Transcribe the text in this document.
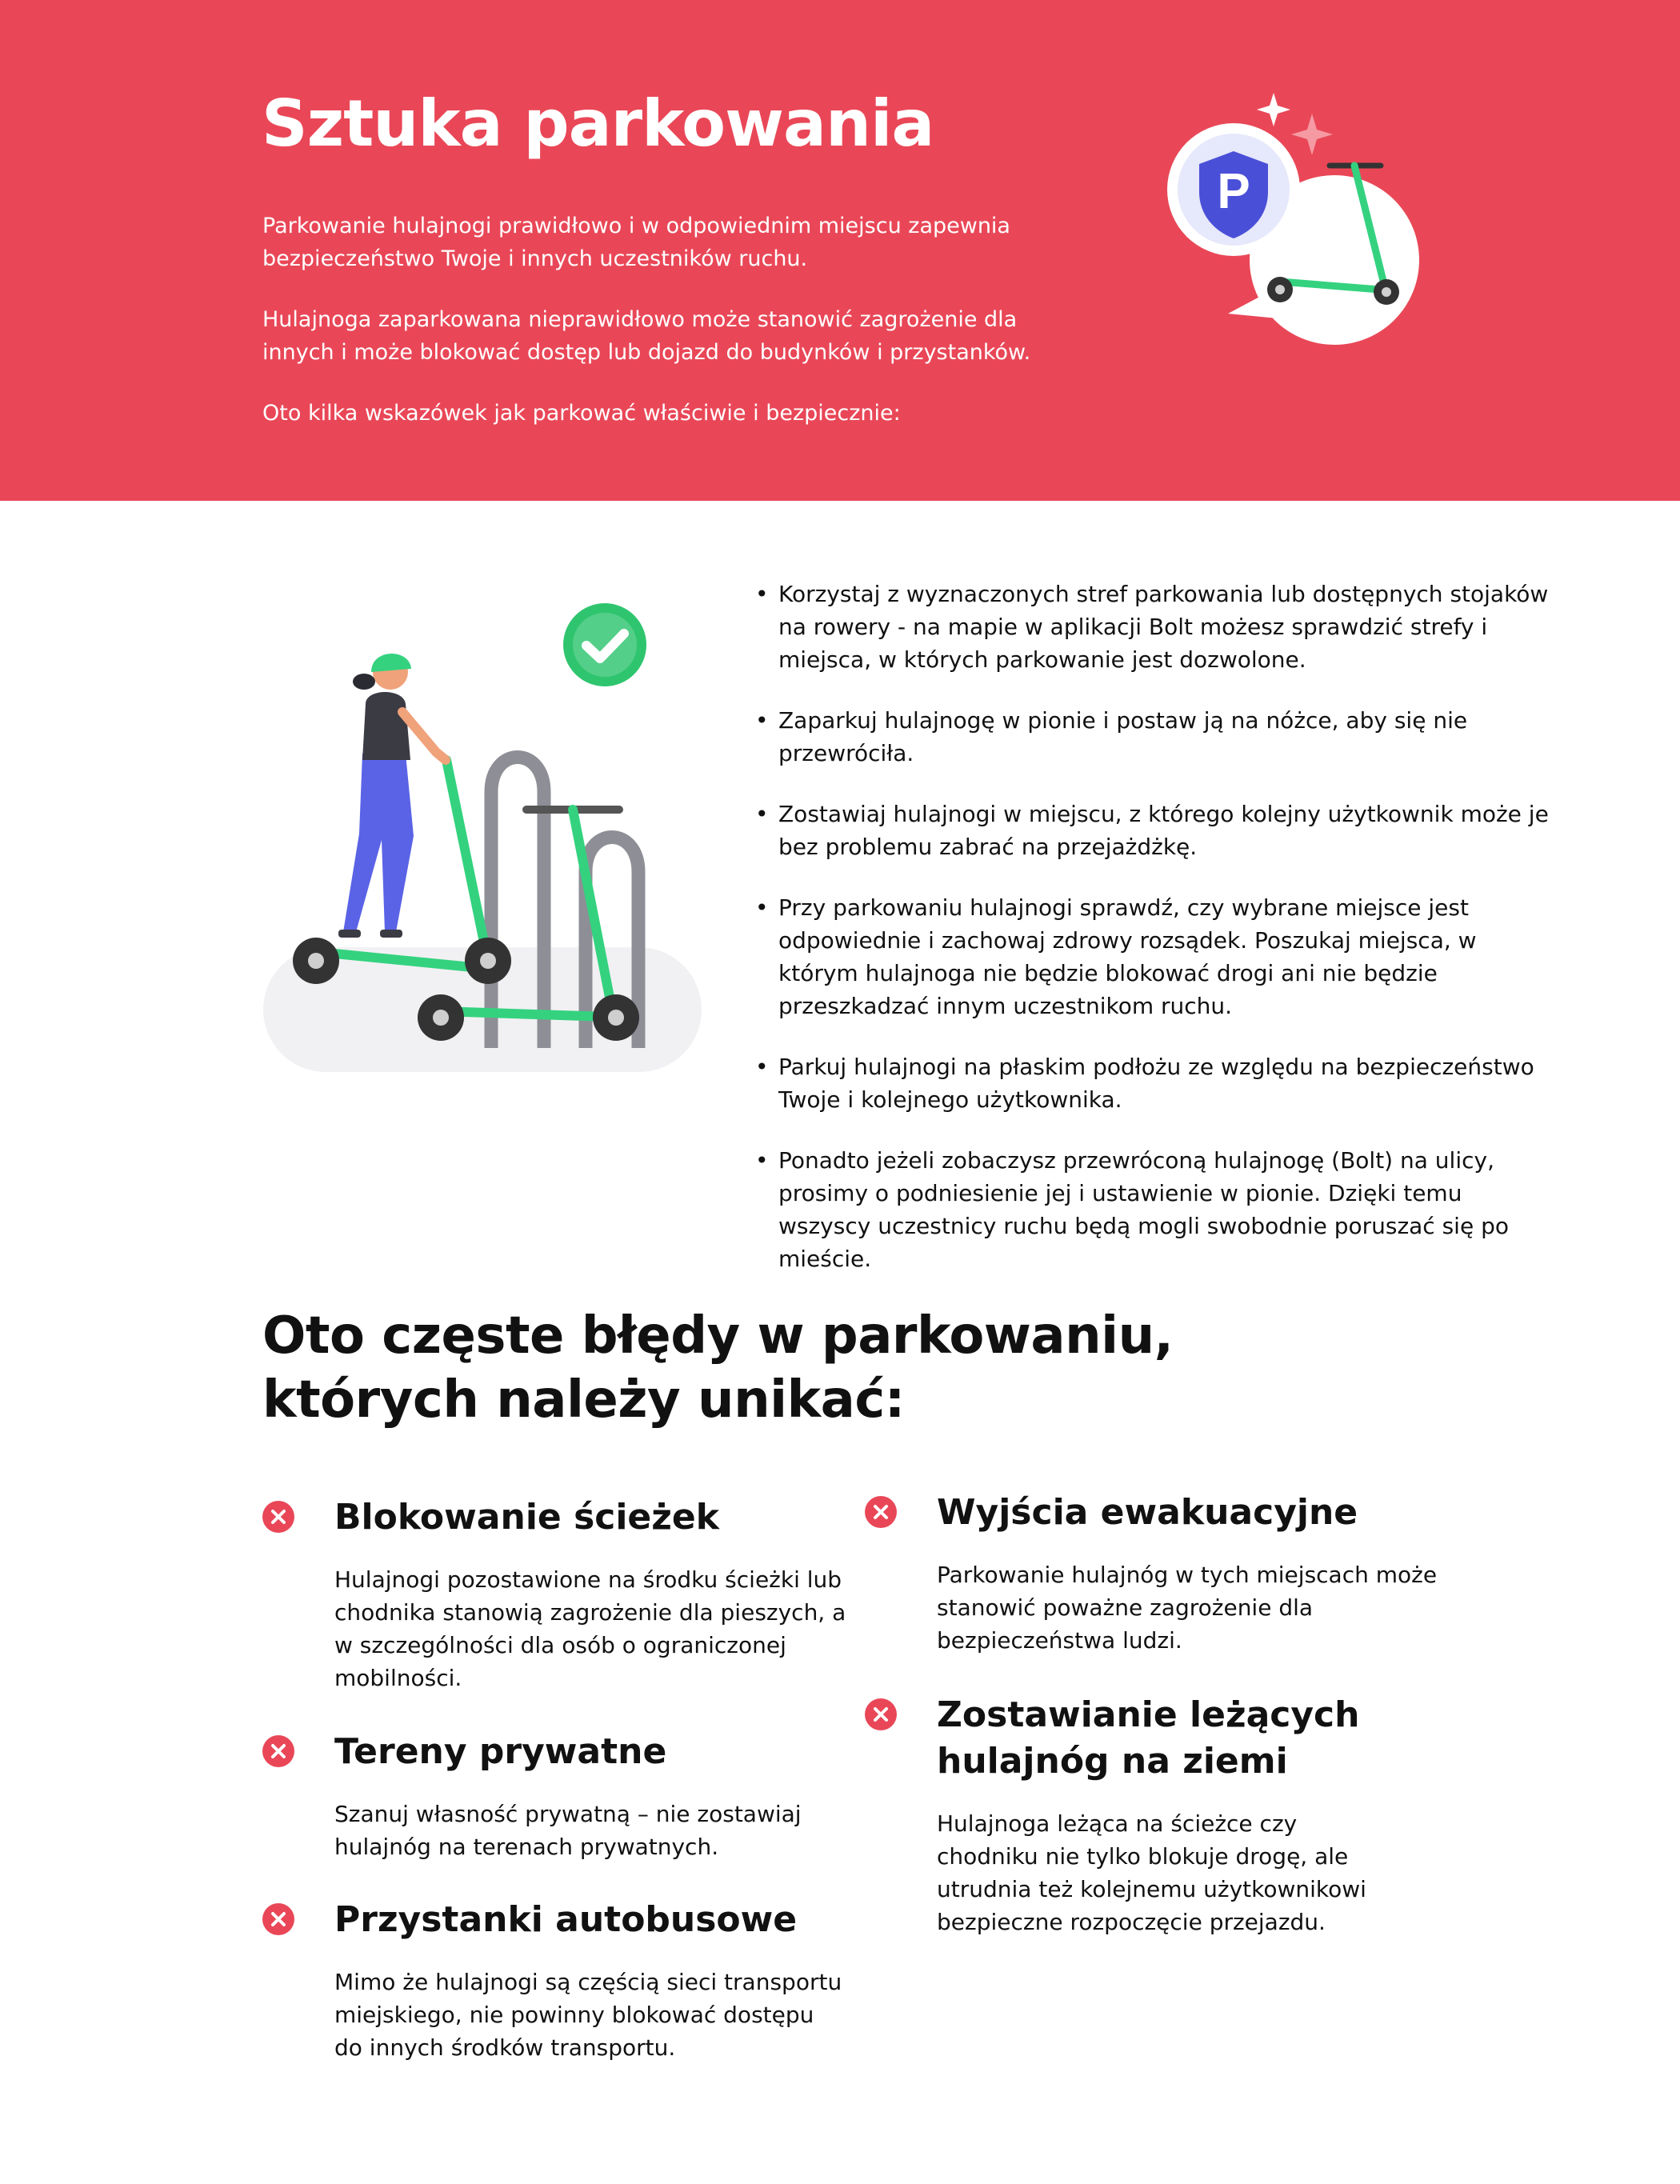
Sztuka parkowania

Parkowanie hulajnogi prawidłowo i w odpowiednim miejscu zapewnia bezpieczeństwo Twoje i innych uczestników ruchu.

Hulajnoga zaparkowana nieprawidłowo może stanowić zagrożenie dla innych i może blokować dostęp lub dojazd do budynków i przystanków.

Oto kilka wskazówek jak parkować właściwie i bezpiecznie:

P
• Korzystaj z wyznaczonych stref parkowania lub dostępnych stojaków na rowery - na mapie w aplikacji Bolt możesz sprawdzić strefy i miejsca, w których parkowanie jest dozwolone.
• Zaparkuj hulajnogę w pionie i postaw ją na nóżce, aby się nie przewróciła.
• Zostawiaj hulajnogi w miejscu, z którego kolejny użytkownik może je bez problemu zabrać na przejażdżkę.
• Przy parkowaniu hulajnogi sprawdź, czy wybrane miejsce jest odpowiednie i zachowaj zdrowy rozsądek. Poszukaj miejsca, w którym hulajnoga nie będzie blokować drogi ani nie będzie przeszkadzać innym uczestnikom ruchu.
• Parkuj hulajnogi na płaskim podłożu ze względu na bezpieczeństwo Twoje i kolejnego użytkownika.
• Ponadto jeżeli zobaczysz przewróconą hulajnogę (Bolt) na ulicy, prosimy o podniesienie jej i ustawienie w pionie. Dzięki temu wszyscy uczestnicy ruchu będą mogli swobodnie poruszać się po mieście.
Oto częste błędy w parkowaniu,
których należy unikać:
Blokowanie ścieżek

Hulajnogi pozostawione na środku ścieżki lub chodnika stanowią zagrożenie dla pieszych, a w szczególności dla osób o ograniczonej mobilności.

Tereny prywatne

Szanuj własność prywatną – nie zostawiaj hulajnóg na terenach prywatnych.

Przystanki autobusowe

Mimo że hulajnogi są częścią sieci transportu miejskiego, nie powinny blokować dostępu do innych środków transportu.

Wyjścia ewakuacyjne

Parkowanie hulajnóg w tych miejscach może stanowić poważne zagrożenie dla bezpieczeństwa ludzi.

Zostawianie leżących hulajnóg na ziemi

Hulajnoga leżąca na ścieżce czy chodniku nie tylko blokuje drogę, ale utrudnia też kolejnemu użytkownikowi bezpieczne rozpoczęcie przejazdu.
